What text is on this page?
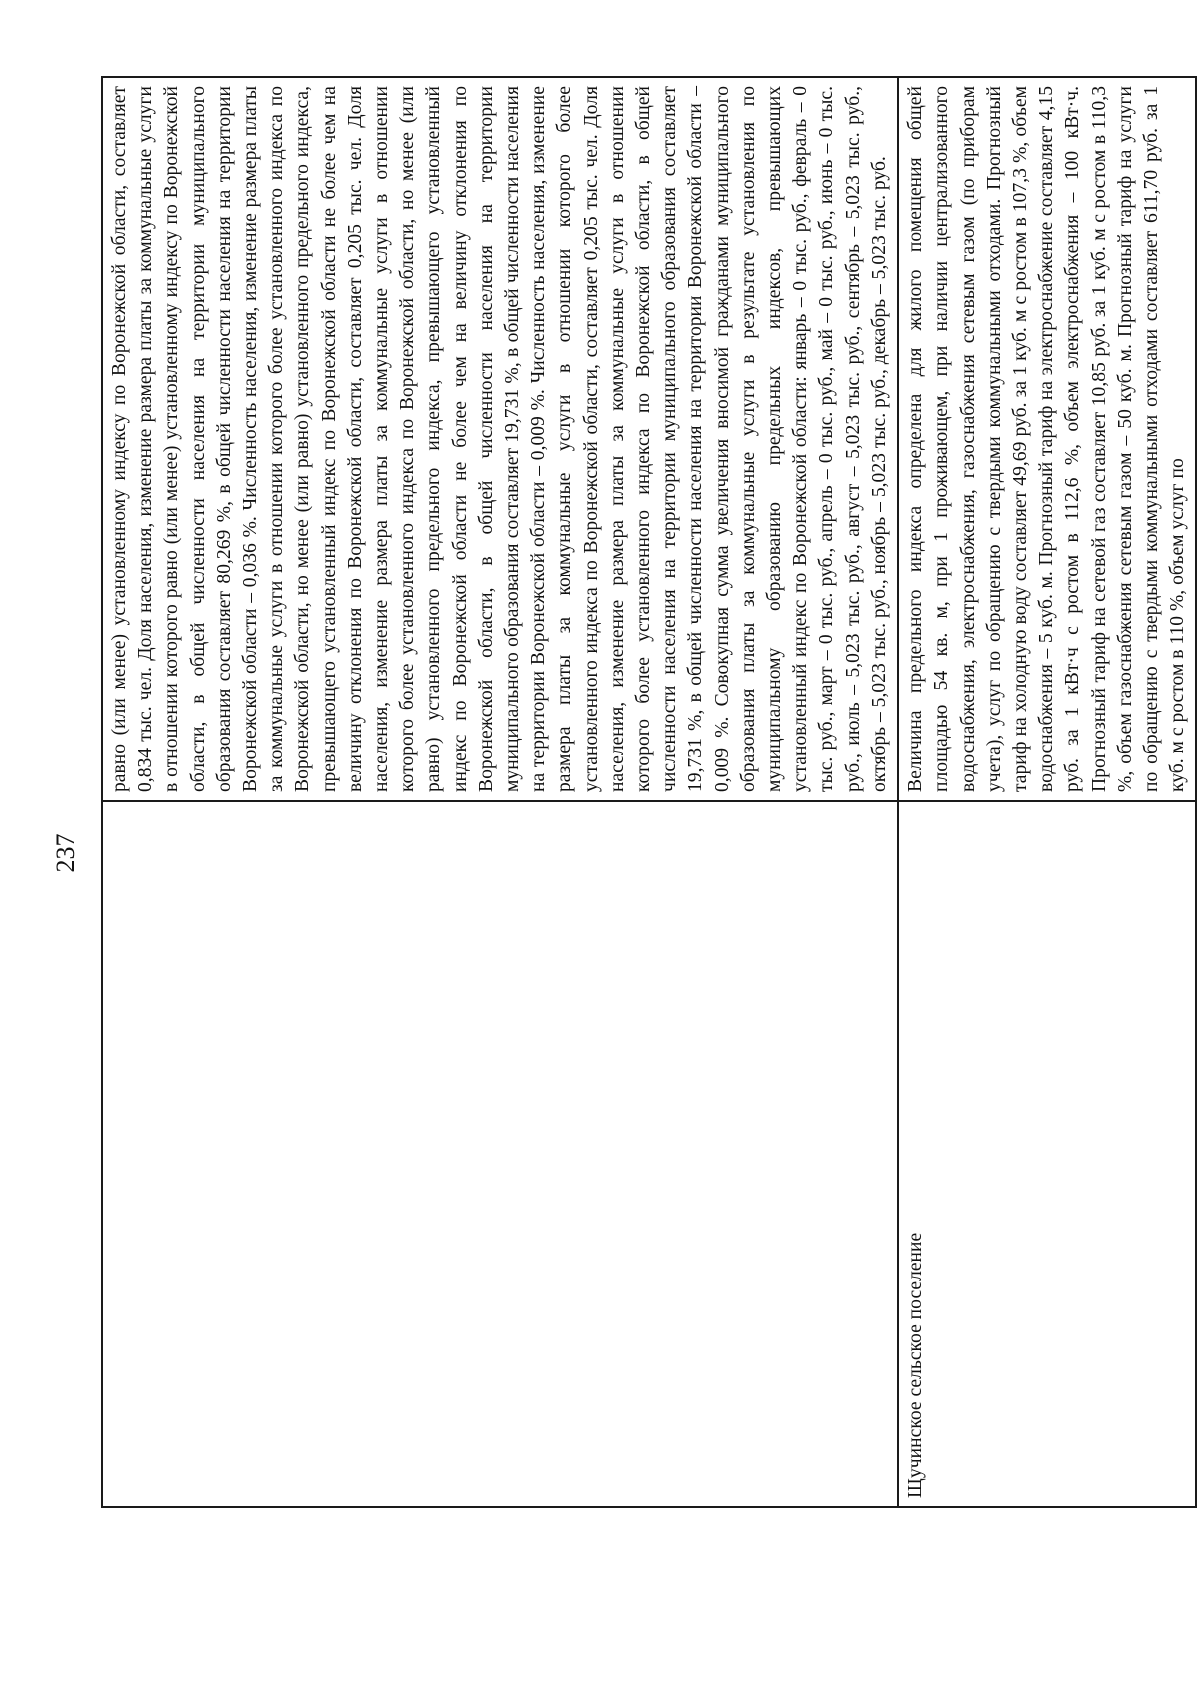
237

	равно (или менее) установленному индексу по Воронежской области, составляет 0,834 тыс. чел. Доля населения, изменение размера платы за коммунальные услуги в отношении которого равно (или менее) установленному индексу по Воронежской области, в общей численности населения на территории муниципального образования составляет 80,269 %, в общей численности населения на территории Воронежской области – 0,036 %. Численность населения, изменение размера платы за коммунальные услуги в отношении которого более установленного индекса по Воронежской области, но менее (или равно) установленного предельного индекса, превышающего установленный индекс по Воронежской области не более чем на величину отклонения по Воронежской области, составляет 0,205 тыс. чел. Доля населения, изменение размера платы за коммунальные услуги в отношении которого более установленного индекса по Воронежской области, но менее (или равно) установленного предельного индекса, превышающего установленный индекс по Воронежской области не более чем на величину отклонения по Воронежской области, в общей численности населения на территории муниципального образования составляет 19,731 %, в общей численности населения на территории Воронежской области – 0,009 %. Численность населения, изменение размера платы за коммунальные услуги в отношении которого более установленного индекса по Воронежской области, составляет 0,205 тыс. чел. Доля населения, изменение размера платы за коммунальные услуги в отношении которого более установленного индекса по Воронежской области, в общей численности населения на территории муниципального образования составляет 19,731 %, в общей численности населения на территории Воронежской области – 0,009 %. Совокупная сумма увеличения вносимой гражданами муниципального образования платы за коммунальные услуги в результате установления по муниципальному образованию предельных индексов, превышающих установленный индекс по Воронежской области: январь – 0 тыс. руб., февраль – 0 тыс. руб., март – 0 тыс. руб., апрель – 0 тыс. руб., май – 0 тыс. руб., июнь – 0 тыс. руб., июль – 5,023 тыс. руб., август – 5,023 тыс. руб., сентябрь – 5,023 тыс. руб., октябрь – 5,023 тыс. руб., ноябрь – 5,023 тыс. руб., декабрь – 5,023 тыс. руб.

Щучинское сельское поселение	Величина предельного индекса определена для жилого помещения общей площадью 54 кв. м, при 1 проживающем, при наличии централизованного водоснабжения, электроснабжения, газоснабжения сетевым газом (по приборам учета), услуг по обращению с твердыми коммунальными отходами. Прогнозный тариф на холодную воду составляет 49,69 руб. за 1 куб. м с ростом в 107,3 %, объем водоснабжения – 5 куб. м. Прогнозный тариф на электроснабжение составляет 4,15 руб. за 1 кВт·ч с ростом в 112,6 %, объем электроснабжения – 100 кВт·ч. Прогнозный тариф на сетевой газ составляет 10,85 руб. за 1 куб. м с ростом в 110,3 %, объем газоснабжения сетевым газом – 50 куб. м. Прогнозный тариф на услуги по обращению с твердыми коммунальными отходами составляет 611,70 руб. за 1 куб. м с ростом в 110 %, объем услуг по
